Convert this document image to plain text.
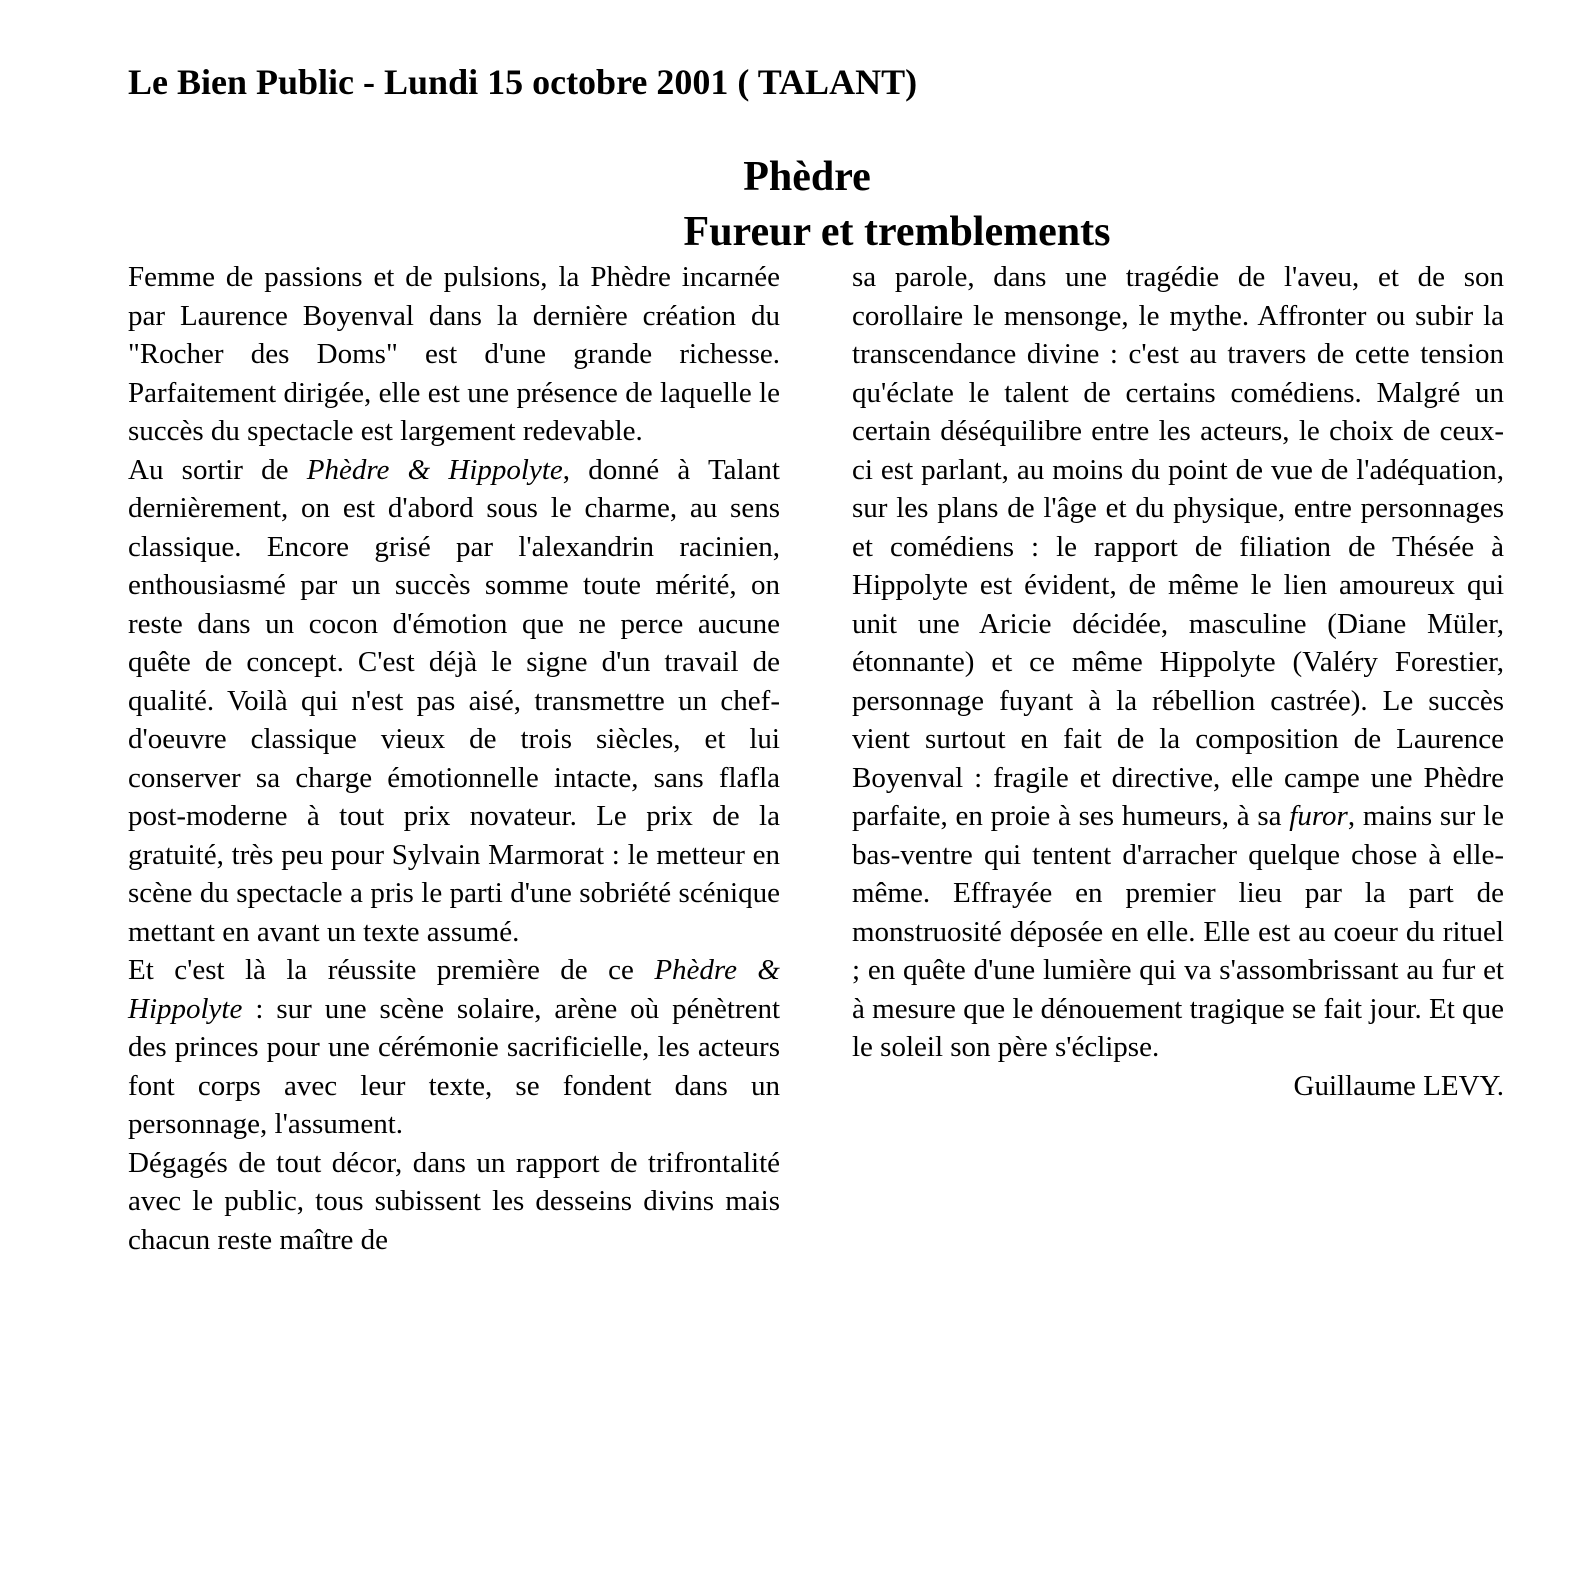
Le Bien Public - Lundi 15 octobre 2001 ( TALANT)
Phèdre
Fureur et tremblements

Femme de passions et de pulsions, la Phèdre incarnée par Laurence Boyenval dans la dernière création du "Rocher des Doms" est d'une grande richesse. Parfaitement dirigée, elle est une présence de laquelle le succès du spectacle est largement redevable.

Au sortir de Phèdre & Hippolyte, donné à Talant dernièrement, on est d'abord sous le charme, au sens classique. Encore grisé par l'alexandrin racinien, enthousiasmé par un succès somme toute mérité, on reste dans un cocon d'émotion que ne perce aucune quête de concept. C'est déjà le signe d'un travail de qualité. Voilà qui n'est pas aisé, transmettre un chef-d'oeuvre classique vieux de trois siècles, et lui conserver sa charge émotionnelle intacte, sans flafla post-moderne à tout prix novateur. Le prix de la gratuité, très peu pour Sylvain Marmorat : le metteur en scène du spectacle a pris le parti d'une sobriété scénique mettant en avant un texte assumé.

Et c'est là la réussite première de ce Phèdre & Hippolyte : sur une scène solaire, arène où pénètrent des princes pour une cérémonie sacrificielle, les acteurs font corps avec leur texte, se fondent dans un personnage, l'assument.

Dégagés de tout décor, dans un rapport de trifrontalité avec le public, tous subissent les desseins divins mais chacun reste maître de

sa parole, dans une tragédie de l'aveu, et de son corollaire le mensonge, le mythe. Affronter ou subir la transcendance divine : c'est au travers de cette tension qu'éclate le talent de certains comédiens. Malgré un certain déséquilibre entre les acteurs, le choix de ceux-ci est parlant, au moins du point de vue de l'adéquation, sur les plans de l'âge et du physique, entre personnages et comédiens : le rapport de filiation de Thésée à Hippolyte est évident, de même le lien amoureux qui unit une Aricie décidée, masculine (Diane Müler, étonnante) et ce même Hippolyte (Valéry Forestier, personnage fuyant à la rébellion castrée). Le succès vient surtout en fait de la composition de Laurence Boyenval : fragile et directive, elle campe une Phèdre parfaite, en proie à ses humeurs, à sa furor, mains sur le bas-ventre qui tentent d'arracher quelque chose à elle-même. Effrayée en premier lieu par la part de monstruosité déposée en elle. Elle est au coeur du rituel ; en quête d'une lumière qui va s'assombrissant au fur et à mesure que le dénouement tragique se fait jour. Et que le soleil son père s'éclipse.

Guillaume LEVY.
